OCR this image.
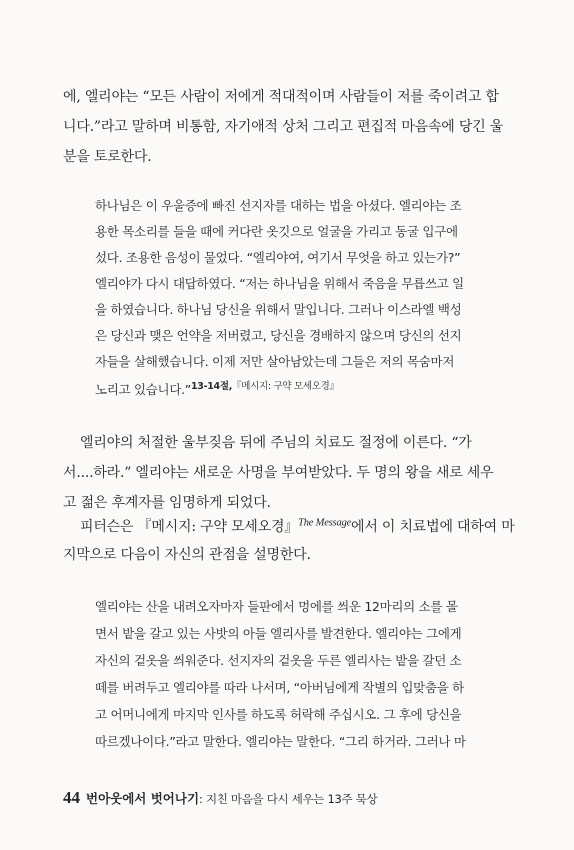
에, 엘리야는 “모든 사람이 저에게 적대적이며 사람들이 저를 죽이려고 합
니다.”라고 말하며 비통함, 자기애적 상처 그리고 편집적 마음속에 당긴 울
분을 토로한다.
하나님은 이 우울증에 빠진 선지자를 대하는 법을 아셨다. 엘리야는 조
용한 목소리를 들을 때에 커다란 옷깃으로 얼굴을 가리고 동굴 입구에
섰다. 조용한 음성이 물었다. “엘리야여, 여기서 무엇을 하고 있는가?”
엘리야가 다시 대답하였다. “저는 하나님을 위해서 죽음을 무릅쓰고 일
을 하였습니다. 하나님 당신을 위해서 말입니다. 그러나 이스라엘 백성
은 당신과 맺은 언약을 저버렸고, 당신을 경배하지 않으며 당신의 선지
자들을 살해했습니다. 이제 저만 살아남았는데 그들은 저의 목숨마저
노리고 있습니다.”$^{13-14절,『메시지: 구약 모세오경』}$
엘리야의 처절한 울부짖음 뒤에 주님의 치료도 절정에 이른다. “가
서....하라.” 엘리야는 새로운 사명을 부여받았다. 두 명의 왕을 새로 세우
고 젊은 후계자를 임명하게 되었다.
피터슨은 『메시지: 구약 모세오경』$^{The Message}$에서 이 치료법에 대하여 마
지막으로 다음이 자신의 관점을 설명한다.
엘리야는 산을 내려오자마자 들판에서 멍에를 씌운 12마리의 소를 몰
면서 밭을 갈고 있는 사밧의 아들 엘리사를 발견한다. 엘리야는 그에게
자신의 겉옷을 씌워준다. 선지자의 겉옷을 두른 엘리사는 밭을 갈던 소
떼를 버려두고 엘리야를 따라 나서며, “아버님에게 작별의 입맞춤을 하
고 어머니에게 마지막 인사를 하도록 허락해 주십시오. 그 후에 당신을
따르겠나이다.”라고 말한다. 엘리야는 말한다. “그리 하거라. 그러나 마
44 번아웃에서 벗어나기: 지친 마음을 다시 세우는 13주 묵상
